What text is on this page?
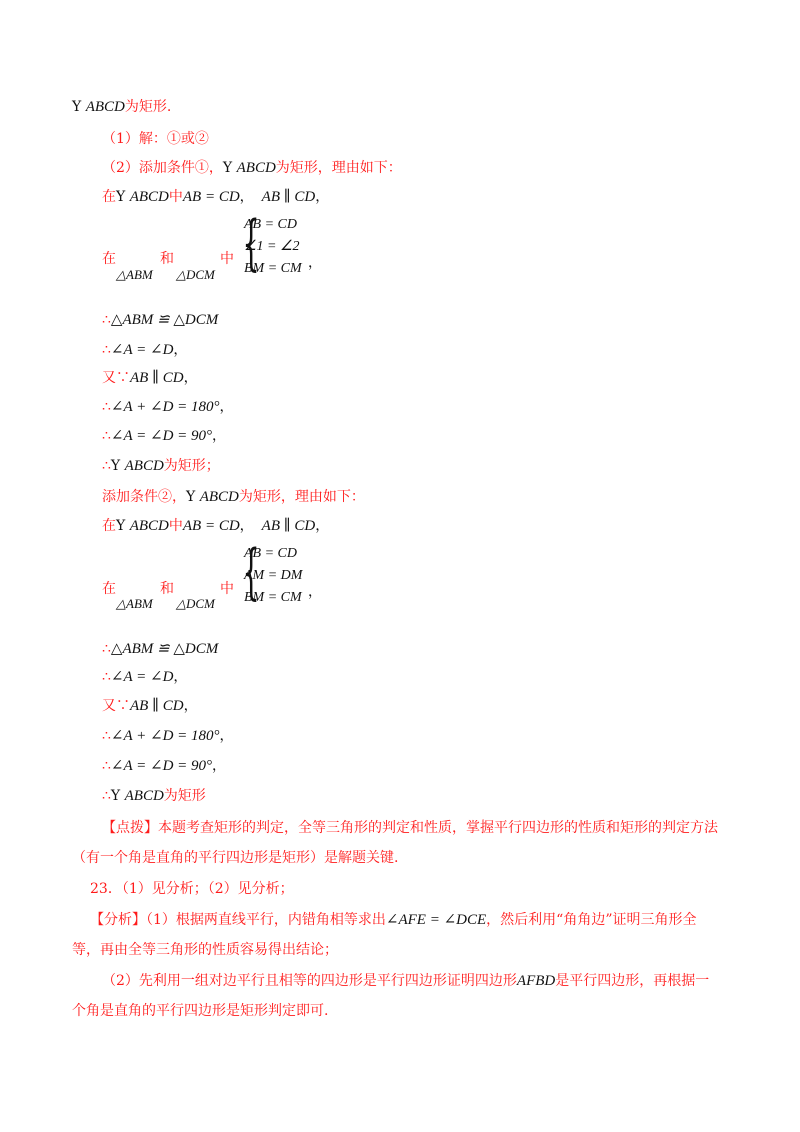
Y ABCD为矩形.
（1）解：①或②
（2）添加条件①，Y ABCD为矩形，理由如下：
在Y ABCD中AB = CD， AB ∥ CD，
在
△ABM
和
△DCM
中 {
AB = CD
∠1 = ∠2
BM = CM ，
∴△ABM ≌ △DCM
∴∠A = ∠D，
又∵AB ∥ CD，
∴∠A + ∠D = 180°，
∴∠A = ∠D = 90°，
∴Y ABCD为矩形；
添加条件②，Y ABCD为矩形，理由如下：
在Y ABCD中AB = CD， AB ∥ CD，
在
△ABM
和
△DCM
中 {
AB = CD
AM = DM
BM = CM ，
∴△ABM ≌ △DCM
∴∠A = ∠D，
又∵AB ∥ CD，
∴∠A + ∠D = 180°，
∴∠A = ∠D = 90°，
∴Y ABCD为矩形
【点拨】本题考查矩形的判定，全等三角形的判定和性质，掌握平行四边形的性质和矩形的判定方法
（有一个角是直角的平行四边形是矩形）是解题关键.
23．（1）见分析；（2）见分析；
【分析】（1）根据两直线平行，内错角相等求出∠AFE = ∠DCE，然后利用“角角边”证明三角形全
等，再由全等三角形的性质容易得出结论；
（2）先利用一组对边平行且相等的四边形是平行四边形证明四边形AFBD是平行四边形，再根据一
个角是直角的平行四边形是矩形判定即可.
